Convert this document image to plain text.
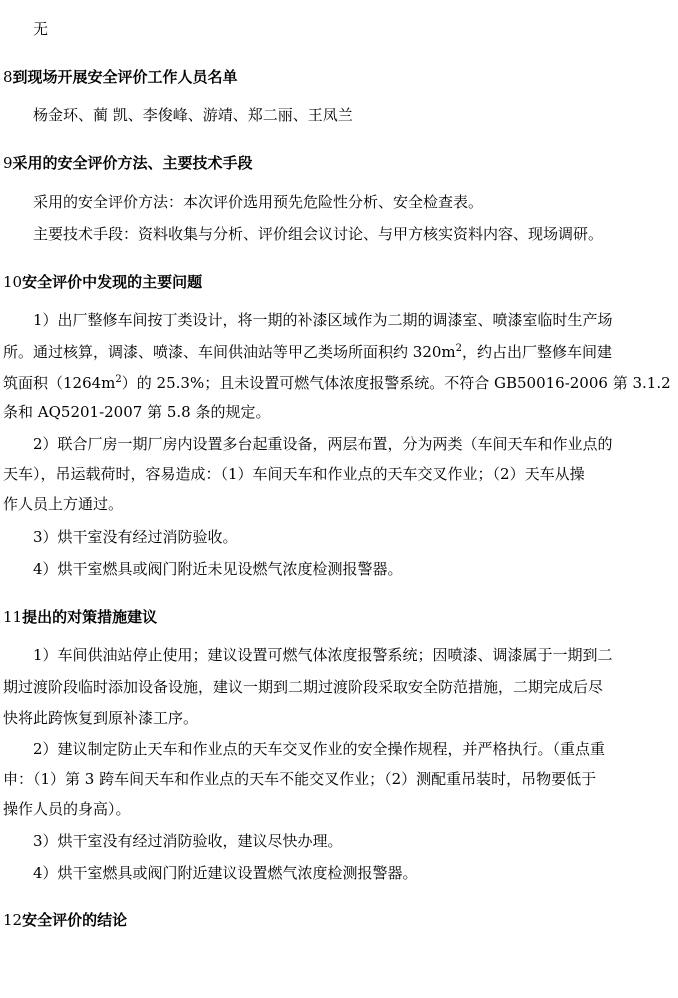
无
8到现场开展安全评价工作人员名单
杨金环、蔺 凯、李俊峰、游靖、郑二丽、王凤兰
9采用的安全评价方法、主要技术手段
采用的安全评价方法：本次评价选用预先危险性分析、安全检查表。
主要技术手段：资料收集与分析、评价组会议讨论、与甲方核实资料内容、现场调研。
10安全评价中发现的主要问题
1）出厂整修车间按丁类设计，将一期的补漆区域作为二期的调漆室、喷漆室临时生产场
所。通过核算，调漆、喷漆、车间供油站等甲乙类场所面积约 $320m^2$，约占出厂整修车间建
筑面积$(1264m^2)$的 25.3%；且未设置可燃气体浓度报警系统。不符合 GB50016-2006 第 3.1.2
条和 AQ5201-2007 第 5.8 条的规定。
2）联合厂房一期厂房内设置多台起重设备，两层布置，分为两类（车间天车和作业点的
天车），吊运载荷时，容易造成：（1）车间天车和作业点的天车交叉作业；（2）天车从操
作人员上方通过。
3）烘干室没有经过消防验收。
4）烘干室燃具或阀门附近未见设燃气浓度检测报警器。
11提出的对策措施建议
1）车间供油站停止使用；建议设置可燃气体浓度报警系统；因喷漆、调漆属于一期到二
期过渡阶段临时添加设备设施，建议一期到二期过渡阶段采取安全防范措施，二期完成后尽
快将此跨恢复到原补漆工序。
2）建议制定防止天车和作业点的天车交叉作业的安全操作规程，并严格执行。（重点重
申：（1）第 3 跨车间天车和作业点的天车不能交叉作业；（2）测配重吊装时，吊物要低于
操作人员的身高）。
3）烘干室没有经过消防验收，建议尽快办理。
4）烘干室燃具或阀门附近建议设置燃气浓度检测报警器。
12安全评价的结论
